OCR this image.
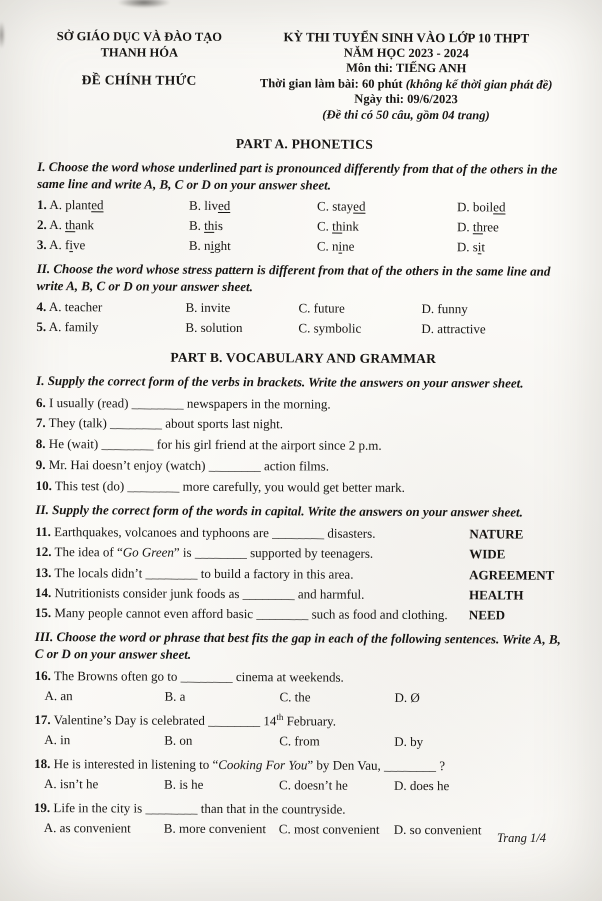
SỞ GIÁO DỤC VÀ ĐÀO TẠO
THANH HÓA
ĐỀ CHÍNH THỨC
KỲ THI TUYỂN SINH VÀO LỚP 10 THPT
NĂM HỌC 2023 - 2024
Môn thi: TIẾNG ANH
Thời gian làm bài: 60 phút (không kể thời gian phát đề)
Ngày thi: 09/6/2023
(Đề thi có 50 câu, gồm 04 trang)
PART A. PHONETICS
I. Choose the word whose underlined part is pronounced differently from that of the others in the same line and write A, B, C or D on your answer sheet.
1. A. planted	B. lived	C. stayed	D. boiled
2. A. thank	B. this	C. think	D. three
3. A. five	B. night	C. nine	D. sit
II. Choose the word whose stress pattern is different from that of the others in the same line and write A, B, C or D on your answer sheet.
4. A. teacher	B. invite	C. future	D. funny
5. A. family	B. solution	C. symbolic	D. attractive
PART B. VOCABULARY AND GRAMMAR
I. Supply the correct form of the verbs in brackets. Write the answers on your answer sheet.
6. I usually (read) ________ newspapers in the morning.
7. They (talk) ________ about sports last night.
8. He (wait) ________ for his girl friend at the airport since 2 p.m.
9. Mr. Hai doesn’t enjoy (watch) ________ action films.
10. This test (do) ________ more carefully, you would get better mark.
II. Supply the correct form of the words in capital. Write the answers on your answer sheet.
11. Earthquakes, volcanoes and typhoons are ________ disasters.	NATURE
12. The idea of “Go Green” is ________ supported by teenagers.	WIDE
13. The locals didn’t ________ to build a factory in this area.	AGREEMENT
14. Nutritionists consider junk foods as ________ and harmful.	HEALTH
15. Many people cannot even afford basic ________ such as food and clothing. NEED
III. Choose the word or phrase that best fits the gap in each of the following sentences. Write A, B, C or D on your answer sheet.
16. The Browns often go to ________ cinema at weekends.
A. an	B. a	C. the	D. Ø
17. Valentine’s Day is celebrated ________ 14th February.
A. in	B. on	C. from	D. by
18. He is interested in listening to “Cooking For You” by Den Vau, ________ ?
A. isn’t he	B. is he	C. doesn’t he	D. does he
19. Life in the city is ________ than that in the countryside.
A. as convenient	B. more convenient C. most convenient	D. so convenient
Trang 1/4
